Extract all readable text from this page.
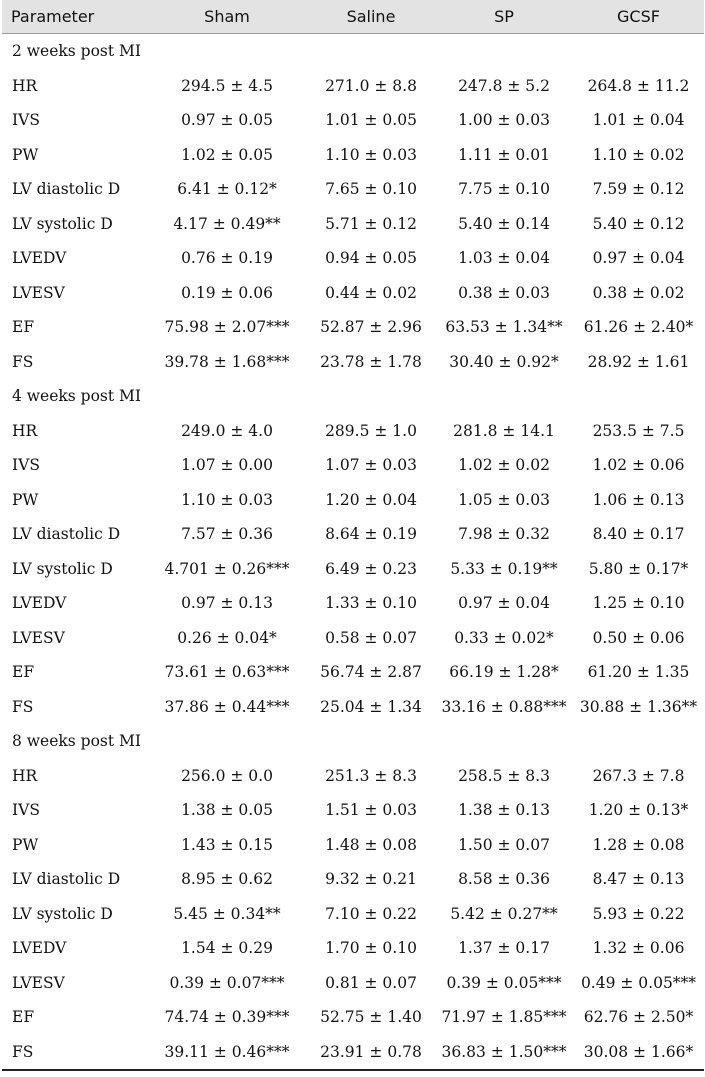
Parameter	Sham	Saline	SP	GCSF
2 weeks post MI				
HR	294.5 ± 4.5	271.0 ± 8.8	247.8 ± 5.2	264.8 ± 11.2
IVS	0.97 ± 0.05	1.01 ± 0.05	1.00 ± 0.03	1.01 ± 0.04
PW	1.02 ± 0.05	1.10 ± 0.03	1.11 ± 0.01	1.10 ± 0.02
LV diastolic D	6.41 ± 0.12*	7.65 ± 0.10	7.75 ± 0.10	7.59 ± 0.12
LV systolic D	4.17 ± 0.49**	5.71 ± 0.12	5.40 ± 0.14	5.40 ± 0.12
LVEDV	0.76 ± 0.19	0.94 ± 0.05	1.03 ± 0.04	0.97 ± 0.04
LVESV	0.19 ± 0.06	0.44 ± 0.02	0.38 ± 0.03	0.38 ± 0.02
EF	75.98 ± 2.07***	52.87 ± 2.96	63.53 ± 1.34**	61.26 ± 2.40*
FS	39.78 ± 1.68***	23.78 ± 1.78	30.40 ± 0.92*	28.92 ± 1.61
4 weeks post MI				
HR	249.0 ± 4.0	289.5 ± 1.0	281.8 ± 14.1	253.5 ± 7.5
IVS	1.07 ± 0.00	1.07 ± 0.03	1.02 ± 0.02	1.02 ± 0.06
PW	1.10 ± 0.03	1.20 ± 0.04	1.05 ± 0.03	1.06 ± 0.13
LV diastolic D	7.57 ± 0.36	8.64 ± 0.19	7.98 ± 0.32	8.40 ± 0.17
LV systolic D	4.701 ± 0.26***	6.49 ± 0.23	5.33 ± 0.19**	5.80 ± 0.17*
LVEDV	0.97 ± 0.13	1.33 ± 0.10	0.97 ± 0.04	1.25 ± 0.10
LVESV	0.26 ± 0.04*	0.58 ± 0.07	0.33 ± 0.02*	0.50 ± 0.06
EF	73.61 ± 0.63***	56.74 ± 2.87	66.19 ± 1.28*	61.20 ± 1.35
FS	37.86 ± 0.44***	25.04 ± 1.34	33.16 ± 0.88***	30.88 ± 1.36**
8 weeks post MI				
HR	256.0 ± 0.0	251.3 ± 8.3	258.5 ± 8.3	267.3 ± 7.8
IVS	1.38 ± 0.05	1.51 ± 0.03	1.38 ± 0.13	1.20 ± 0.13*
PW	1.43 ± 0.15	1.48 ± 0.08	1.50 ± 0.07	1.28 ± 0.08
LV diastolic D	8.95 ± 0.62	9.32 ± 0.21	8.58 ± 0.36	8.47 ± 0.13
LV systolic D	5.45 ± 0.34**	7.10 ± 0.22	5.42 ± 0.27**	5.93 ± 0.22
LVEDV	1.54 ± 0.29	1.70 ± 0.10	1.37 ± 0.17	1.32 ± 0.06
LVESV	0.39 ± 0.07***	0.81 ± 0.07	0.39 ± 0.05***	0.49 ± 0.05***
EF	74.74 ± 0.39***	52.75 ± 1.40	71.97 ± 1.85***	62.76 ± 2.50*
FS	39.11 ± 0.46***	23.91 ± 0.78	36.83 ± 1.50***	30.08 ± 1.66*
